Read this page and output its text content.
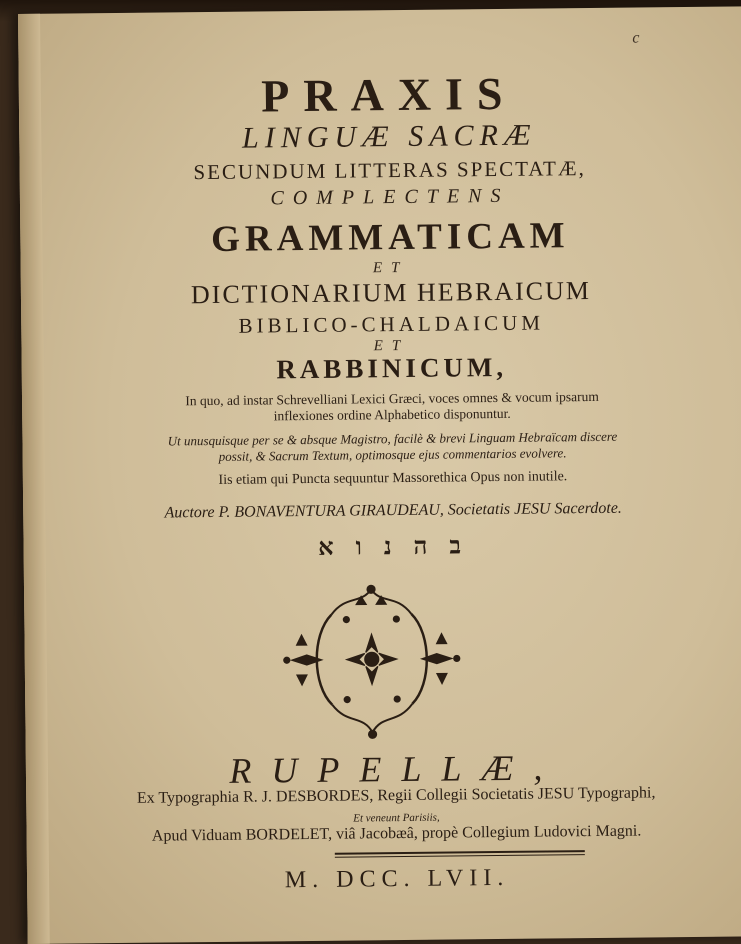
c
PRAXIS
LINGUÆ SACRÆ
SECUNDUM LITTERAS SPECTATÆ,
COMPLECTENS
GRAMMATICAM
ET
DICTIONARIUM HEBRAICUM
BIBLICO-CHALDAICUM
ET
RABBINICUM,
In quo, ad instar Schrevelliani Lexici Græci, voces omnes & vocum ipsarum
inflexiones ordine Alphabetico disponuntur.
Ut unusquisque per se & absque Magistro, facilè & brevi Linguam Hebraïcam discere
possit, & Sacrum Textum, optimosque ejus commentarios evolvere.
Iis etiam qui Puncta sequuntur Massorethica Opus non inutile.
Auctore P. BONAVENTURA GIRAUDEAU, Societatis JESU Sacerdote.
ב ה נ ו א
RUPELLÆ,
Ex Typographia R. J. DESBORDES, Regii Collegii Societatis JESU Typographi,
Et veneunt Parisiis,
Apud Viduam BORDELET, viâ Jacobæâ, propè Collegium Ludovici Magni.
M. DCC. LVII.
